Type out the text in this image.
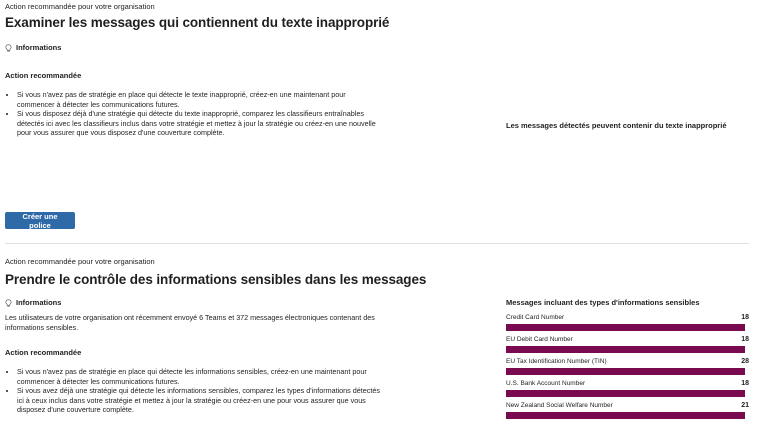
Action recommandée pour votre organisation
Examiner les messages qui contiennent du texte inapproprié
Informations
Action recommandée
• Si vous n'avez pas de stratégie en place qui détecte le texte inapproprié, créez-en une maintenant pour commencer à détecter les communications futures.
• Si vous disposez déjà d'une stratégie qui détecte du texte inapproprié, comparez les classifieurs entraînables détectés ici avec les classifieurs inclus dans votre stratégie et mettez à jour la stratégie ou créez-en une nouvelle pour vous assurer que vous disposez d'une couverture complète.
Les messages détectés peuvent contenir du texte inapproprié
Créer une police
Action recommandée pour votre organisation
Prendre le contrôle des informations sensibles dans les messages
Informations
Les utilisateurs de votre organisation ont récemment envoyé 6 Teams et 372 messages électroniques contenant des informations sensibles.
Action recommandée
• Si vous n'avez pas de stratégie en place qui détecte les informations sensibles, créez-en une maintenant pour commencer à détecter les communications futures.
• Si vous avez déjà une stratégie qui détecte les informations sensibles, comparez les types d'informations détectés ici à ceux inclus dans votre stratégie et mettez à jour la stratégie ou créez-en une pour vous assurer que vous disposez d'une couverture complète.
Messages incluant des types d'informations sensibles
Credit Card Number	18
EU Debit Card Number	18
EU Tax Identification Number (TIN)	28
U.S. Bank Account Number	18
New Zealand Social Welfare Number	21
